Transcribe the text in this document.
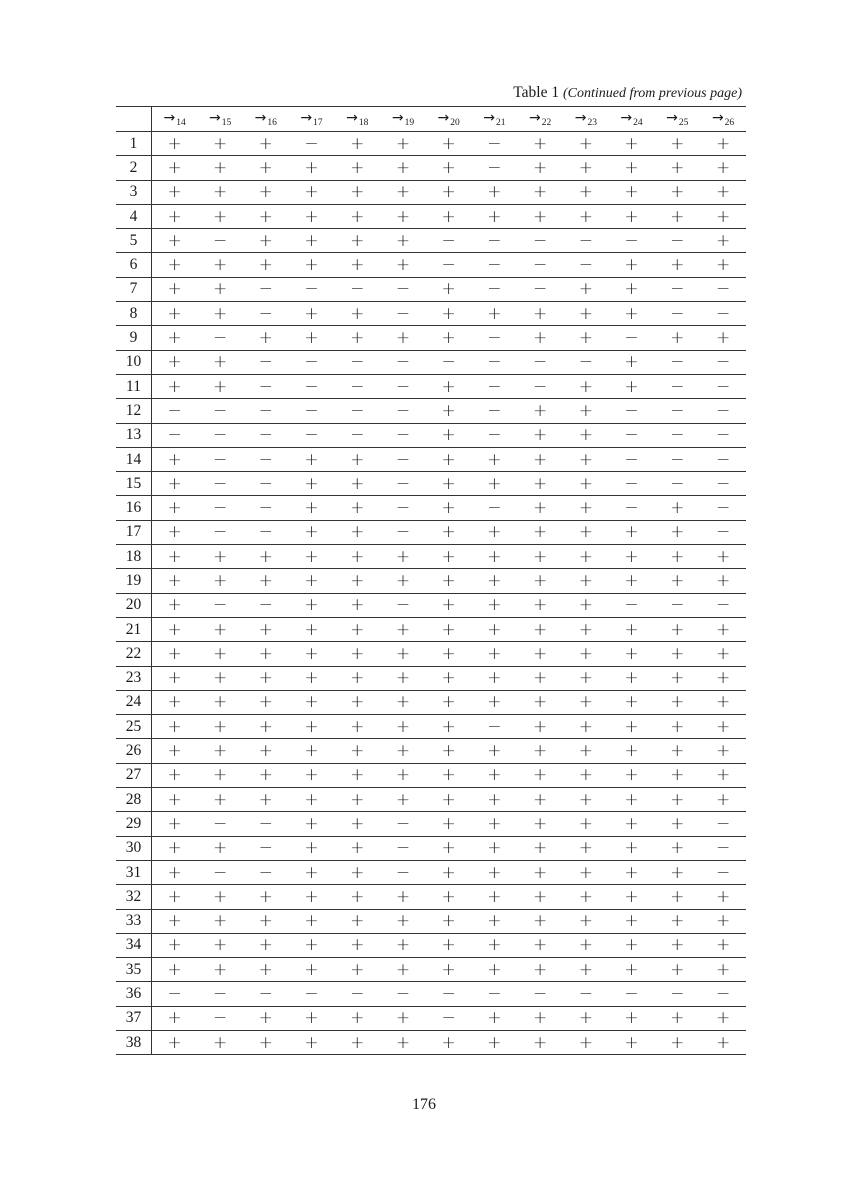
Table 1 (Continued from previous page)
	$\to_{14}$	$\to_{15}$	$\to_{16}$	$\to_{17}$	$\to_{18}$	$\to_{19}$	$\to_{20}$	$\to_{21}$	$\to_{22}$	$\to_{23}$	$\to_{24}$	$\to_{25}$	$\to_{26}$
1	+	+	+	−	+	+	+	−	+	+	+	+	+
2	+	+	+	+	+	+	+	−	+	+	+	+	+
3	+	+	+	+	+	+	+	+	+	+	+	+	+
4	+	+	+	+	+	+	+	+	+	+	+	+	+
5	+	−	+	+	+	+	−	−	−	−	−	−	+
6	+	+	+	+	+	+	−	−	−	−	+	+	+
7	+	+	−	−	−	−	+	−	−	+	+	−	−
8	+	+	−	+	+	−	+	+	+	+	+	−	−
9	+	−	+	+	+	+	+	−	+	+	−	+	+
10	+	+	−	−	−	−	−	−	−	−	+	−	−
11	+	+	−	−	−	−	+	−	−	+	+	−	−
12	−	−	−	−	−	−	+	−	+	+	−	−	−
13	−	−	−	−	−	−	+	−	+	+	−	−	−
14	+	−	−	+	+	−	+	+	+	+	−	−	−
15	+	−	−	+	+	−	+	+	+	+	−	−	−
16	+	−	−	+	+	−	+	−	+	+	−	+	−
17	+	−	−	+	+	−	+	+	+	+	+	+	−
18	+	+	+	+	+	+	+	+	+	+	+	+	+
19	+	+	+	+	+	+	+	+	+	+	+	+	+
20	+	−	−	+	+	−	+	+	+	+	−	−	−
21	+	+	+	+	+	+	+	+	+	+	+	+	+
22	+	+	+	+	+	+	+	+	+	+	+	+	+
23	+	+	+	+	+	+	+	+	+	+	+	+	+
24	+	+	+	+	+	+	+	+	+	+	+	+	+
25	+	+	+	+	+	+	+	−	+	+	+	+	+
26	+	+	+	+	+	+	+	+	+	+	+	+	+
27	+	+	+	+	+	+	+	+	+	+	+	+	+
28	+	+	+	+	+	+	+	+	+	+	+	+	+
29	+	−	−	+	+	−	+	+	+	+	+	+	−
30	+	+	−	+	+	−	+	+	+	+	+	+	−
31	+	−	−	+	+	−	+	+	+	+	+	+	−
32	+	+	+	+	+	+	+	+	+	+	+	+	+
33	+	+	+	+	+	+	+	+	+	+	+	+	+
34	+	+	+	+	+	+	+	+	+	+	+	+	+
35	+	+	+	+	+	+	+	+	+	+	+	+	+
36	−	−	−	−	−	−	−	−	−	−	−	−	−
37	+	−	+	+	+	+	−	+	+	+	+	+	+
38	+	+	+	+	+	+	+	+	+	+	+	+	+
176
